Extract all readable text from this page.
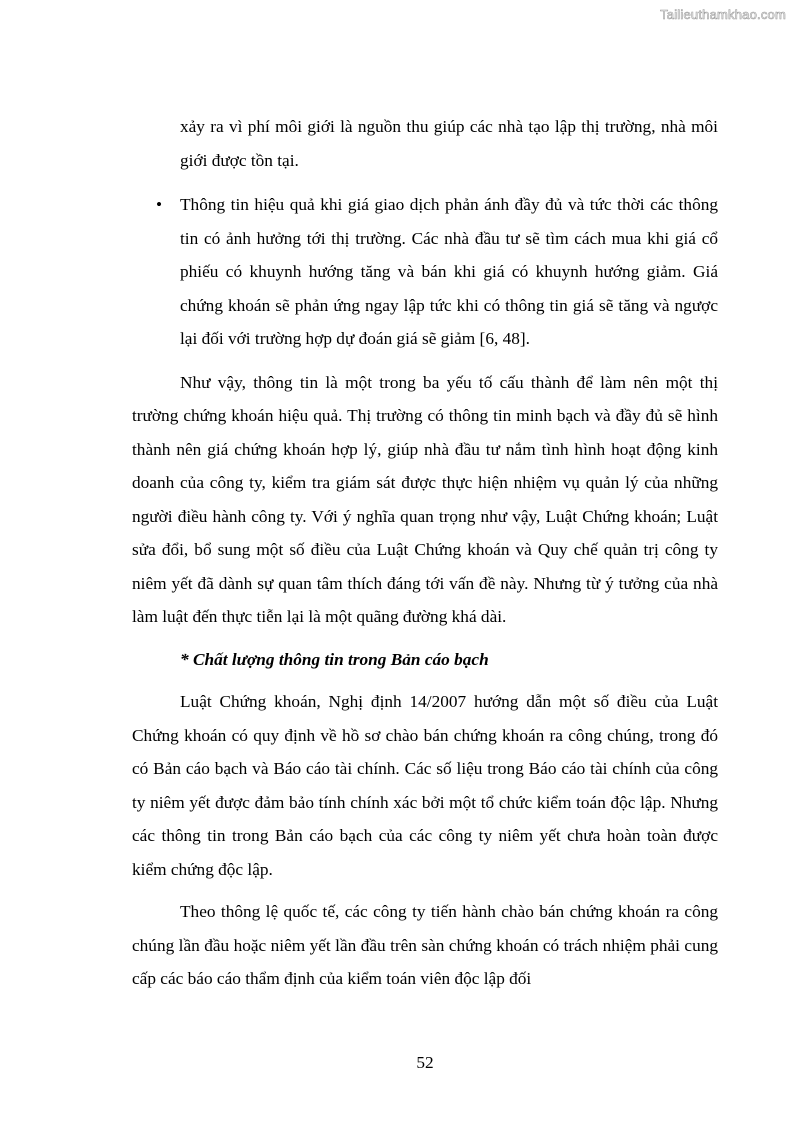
Tailieuthamkhao.com

xảy ra vì phí môi giới là nguồn thu giúp các nhà tạo lập thị trường, nhà môi giới được tồn tại.

• Thông tin hiệu quả khi giá giao dịch phản ánh đầy đủ và tức thời các thông tin có ảnh hưởng tới thị trường. Các nhà đầu tư sẽ tìm cách mua khi giá cổ phiếu có khuynh hướng tăng và bán khi giá có khuynh hướng giảm. Giá chứng khoán sẽ phản ứng ngay lập tức khi có thông tin giá sẽ tăng và ngược lại đối với trường hợp dự đoán giá sẽ giảm [6, 48].

Như vậy, thông tin là một trong ba yếu tố cấu thành để làm nên một thị trường chứng khoán hiệu quả. Thị trường có thông tin minh bạch và đầy đủ sẽ hình thành nên giá chứng khoán hợp lý, giúp nhà đầu tư nắm tình hình hoạt động kinh doanh của công ty, kiểm tra giám sát được thực hiện nhiệm vụ quản lý của những người điều hành công ty. Với ý nghĩa quan trọng như vậy, Luật Chứng khoán; Luật sửa đổi, bổ sung một số điều của Luật Chứng khoán và Quy chế quản trị công ty niêm yết đã dành sự quan tâm thích đáng tới vấn đề này. Nhưng từ ý tưởng của nhà làm luật đến thực tiễn lại là một quãng đường khá dài.

* Chất lượng thông tin trong Bản cáo bạch

Luật Chứng khoán, Nghị định 14/2007 hướng dẫn một số điều của Luật Chứng khoán có quy định về hồ sơ chào bán chứng khoán ra công chúng, trong đó có Bản cáo bạch và Báo cáo tài chính. Các số liệu trong Báo cáo tài chính của công ty niêm yết được đảm bảo tính chính xác bởi một tổ chức kiểm toán độc lập. Nhưng các thông tin trong Bản cáo bạch của các công ty niêm yết chưa hoàn toàn được kiểm chứng độc lập.

Theo thông lệ quốc tế, các công ty tiến hành chào bán chứng khoán ra công chúng lần đầu hoặc niêm yết lần đầu trên sàn chứng khoán có trách nhiệm phải cung cấp các báo cáo thẩm định của kiểm toán viên độc lập đối

52
